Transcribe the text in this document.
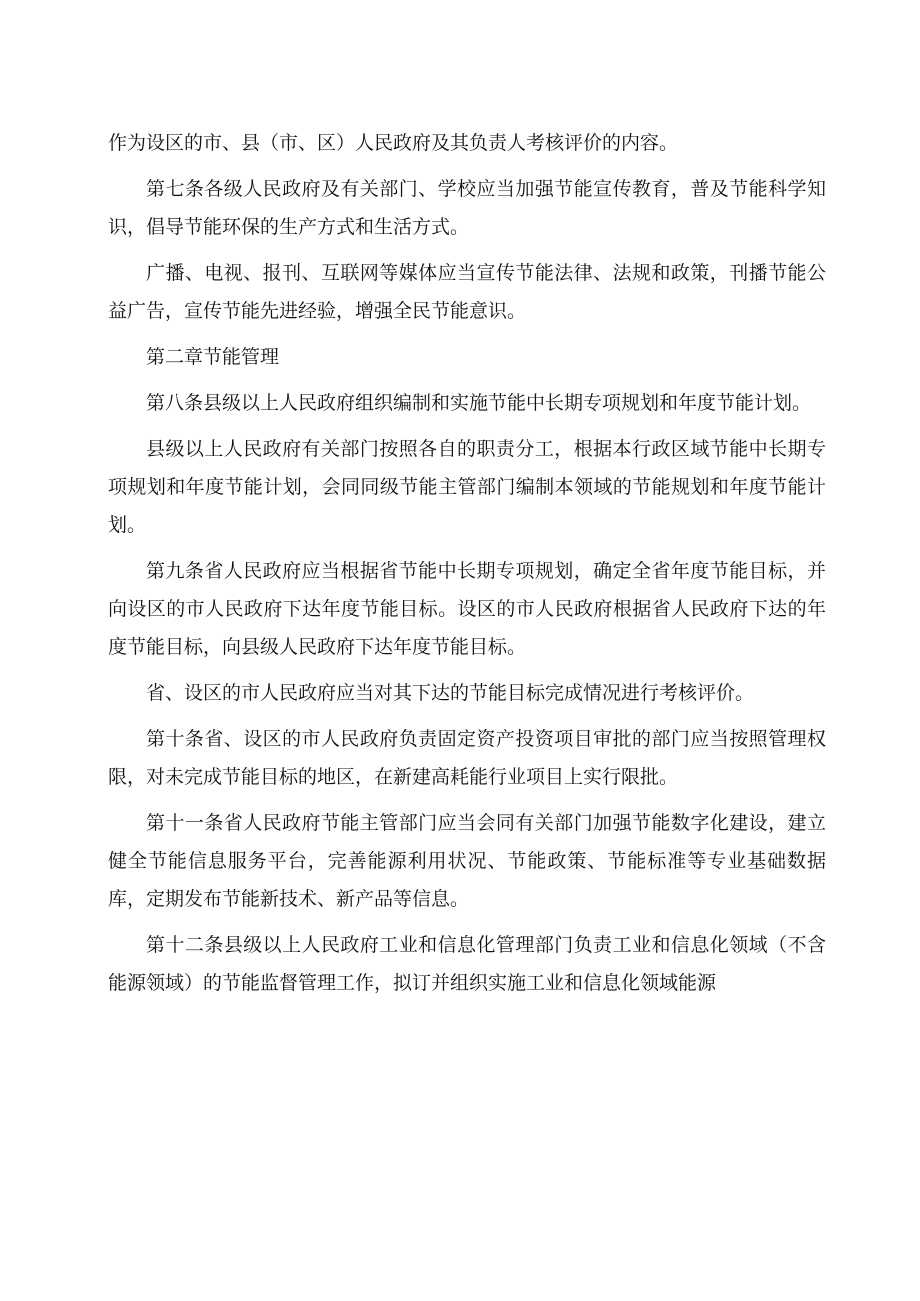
作为设区的市、县（市、区）人民政府及其负责人考核评价的内容。

第七条各级人民政府及有关部门、学校应当加强节能宣传教育，普及节能科学知识，倡导节能环保的生产方式和生活方式。

广播、电视、报刊、互联网等媒体应当宣传节能法律、法规和政策，刊播节能公益广告，宣传节能先进经验，增强全民节能意识。

第二章节能管理

第八条县级以上人民政府组织编制和实施节能中长期专项规划和年度节能计划。

县级以上人民政府有关部门按照各自的职责分工，根据本行政区域节能中长期专项规划和年度节能计划，会同同级节能主管部门编制本领域的节能规划和年度节能计划。

第九条省人民政府应当根据省节能中长期专项规划，确定全省年度节能目标，并向设区的市人民政府下达年度节能目标。设区的市人民政府根据省人民政府下达的年度节能目标，向县级人民政府下达年度节能目标。

省、设区的市人民政府应当对其下达的节能目标完成情况进行考核评价。

第十条省、设区的市人民政府负责固定资产投资项目审批的部门应当按照管理权限，对未完成节能目标的地区，在新建高耗能行业项目上实行限批。

第十一条省人民政府节能主管部门应当会同有关部门加强节能数字化建设，建立健全节能信息服务平台，完善能源利用状况、节能政策、节能标准等专业基础数据库，定期发布节能新技术、新产品等信息。

第十二条县级以上人民政府工业和信息化管理部门负责工业和信息化领域（不含能源领域）的节能监督管理工作，拟订并组织实施工业和信息化领域能源
